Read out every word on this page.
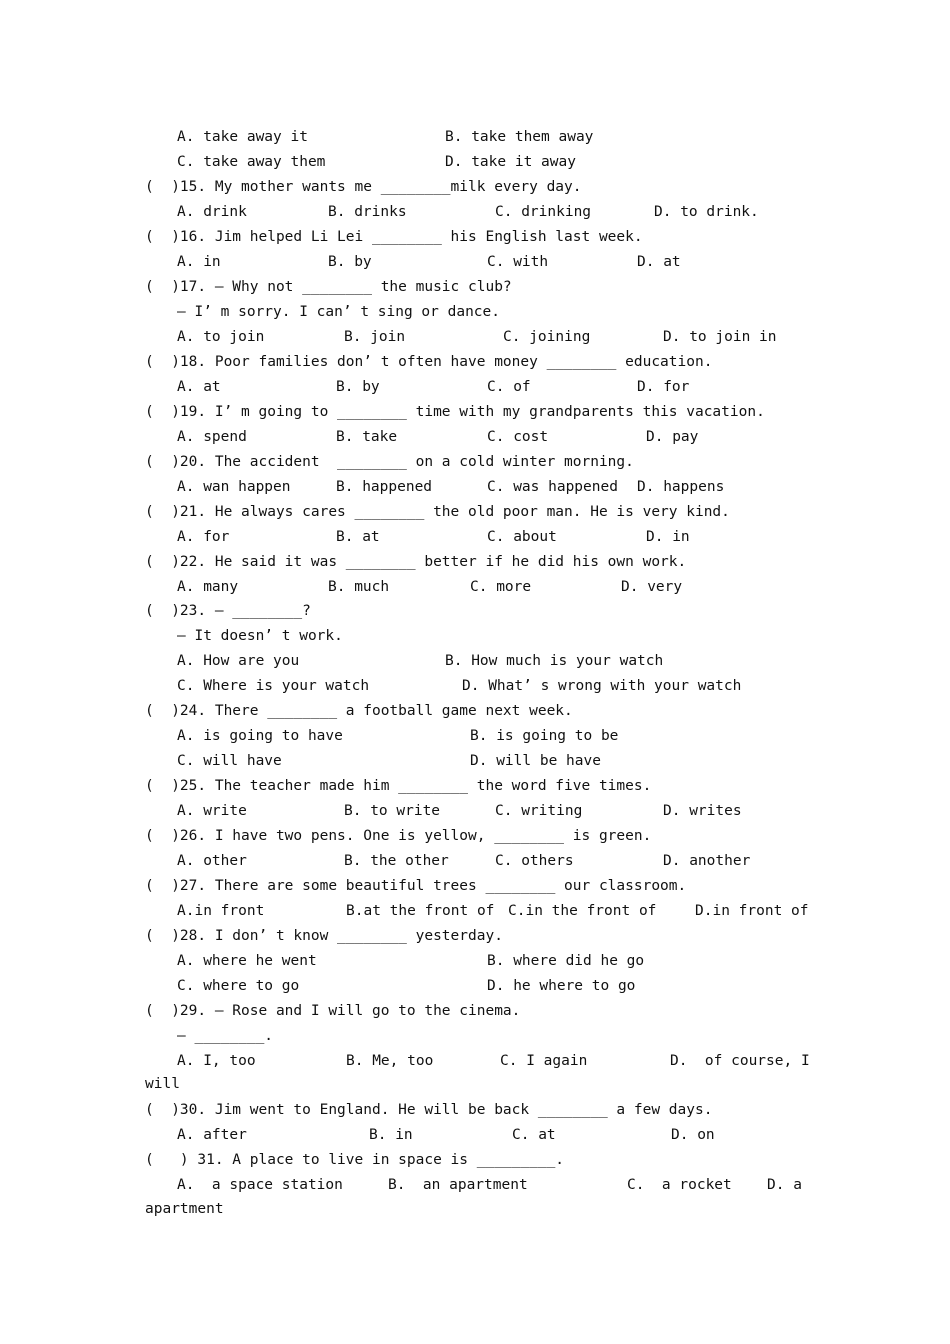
A. take away it	B. take them away
C. take away them	D. take it away
(  )15. My mother wants me ________milk every day.
A. drink	B. drinks	C. drinking	D. to drink.
(  )16. Jim helped Li Lei ________ his English last week.
A. in	B. by	C. with	D. at
(  )17. — Why not ________ the music club?
— I’ m sorry. I can’ t sing or dance.
A. to join	B. join	C. joining	D. to join in
(  )18. Poor families don’ t often have money ________ education.
A. at	B. by	C. of	D. for
(  )19. I’ m going to ________ time with my grandparents this vacation.
A. spend	B. take	C. cost	D. pay
(  )20. The accident  ________ on a cold winter morning.
A. wan happen	B. happened	C. was happened D. happens
(  )21. He always cares ________ the old poor man. He is very kind.
A. for	B. at	C. about	D. in
(  )22. He said it was ________ better if he did his own work.
A. many	B. much	C. more	D. very
(  )23. — ________?
— It doesn’ t work.
A. How are you	B. How much is your watch
C. Where is your watch	D. What’ s wrong with your watch
(  )24. There ________ a football game next week.
A. is going to have	B. is going to be
C. will have	D. will be have
(  )25. The teacher made him ________ the word five times.
A. write	B. to write	C. writing	D. writes
(  )26. I have two pens. One is yellow, ________ is green.
A. other	B. the other	C. others	D. another
(  )27. There are some beautiful trees ________ our classroom.
A.in front	B.at the front of C.in the front of	D.in front of
(  )28. I don’ t know ________ yesterday.
A. where he went	B. where did he go
C. where to go	D. he where to go
(  )29. — Rose and I will go to the cinema.
— ________.
A. I, too	B. Me, too	C. I again	D.  of course, I
will
(  )30. Jim went to England. He will be back ________ a few days.
A. after	B. in	C. at	D. on
(   ) 31. A place to live in space is _________.
A.  a space station	B.  an apartment	C.  a rocket D. a
apartment
